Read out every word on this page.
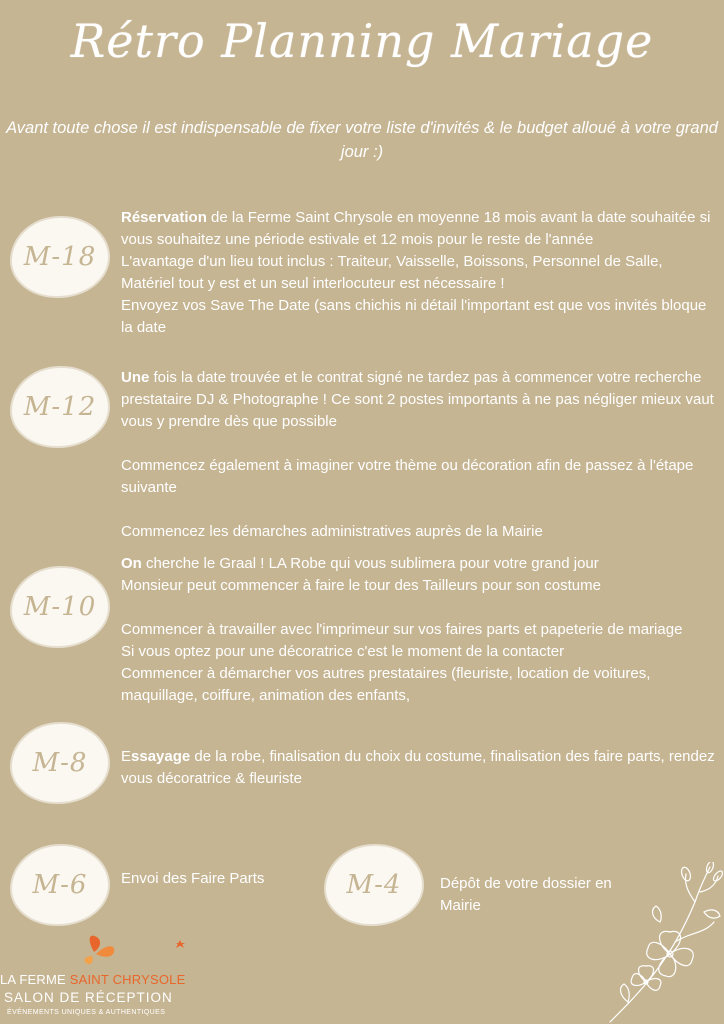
Rétro Planning Mariage
Avant toute chose il est indispensable de fixer votre liste d'invités & le budget alloué à votre grand jour :)
M-18

Réservation de la Ferme Saint Chrysole en moyenne 18 mois avant la date souhaitée si vous souhaitez une période estivale et 12 mois pour le reste de l'année

L'avantage d'un lieu tout inclus : Traiteur, Vaisselle, Boissons, Personnel de Salle, Matériel tout y est et un seul interlocuteur est nécessaire !

Envoyez vos Save The Date (sans chichis ni détail l'important est que vos invités bloque la date

M-12

Une fois la date trouvée et le contrat signé ne tardez pas à commencer votre recherche prestataire DJ & Photographe ! Ce sont 2 postes importants à ne pas négliger mieux vaut vous y prendre dès que possible

Commencez également à imaginer votre thème ou décoration afin de passez à l'étape suivante

Commencez les démarches administratives auprès de la Mairie

M-10

On cherche le Graal ! LA Robe qui vous sublimera pour votre grand jour

Monsieur peut commencer à faire le tour des Tailleurs pour son costume

Commencer à travailler avec l'imprimeur sur vos faires parts et papeterie de mariage

Si vous optez pour une décoratrice c'est le moment de la contacter

Commencer à démarcher vos autres prestataires (fleuriste, location de voitures, maquillage, coiffure, animation des enfants,

M-8 Essayage de la robe, finalisation du choix du costume, finalisation des faire parts, rendez vous décoratrice & fleuriste

M-6 Envoi des Faire Parts	M-4	Dépôt de votre dossier en Mairie
LA FERME SAINT CHRYSOLE
SALON DE RÉCEPTION
ÉVÉNEMENTS UNIQUES & AUTHENTIQUES
